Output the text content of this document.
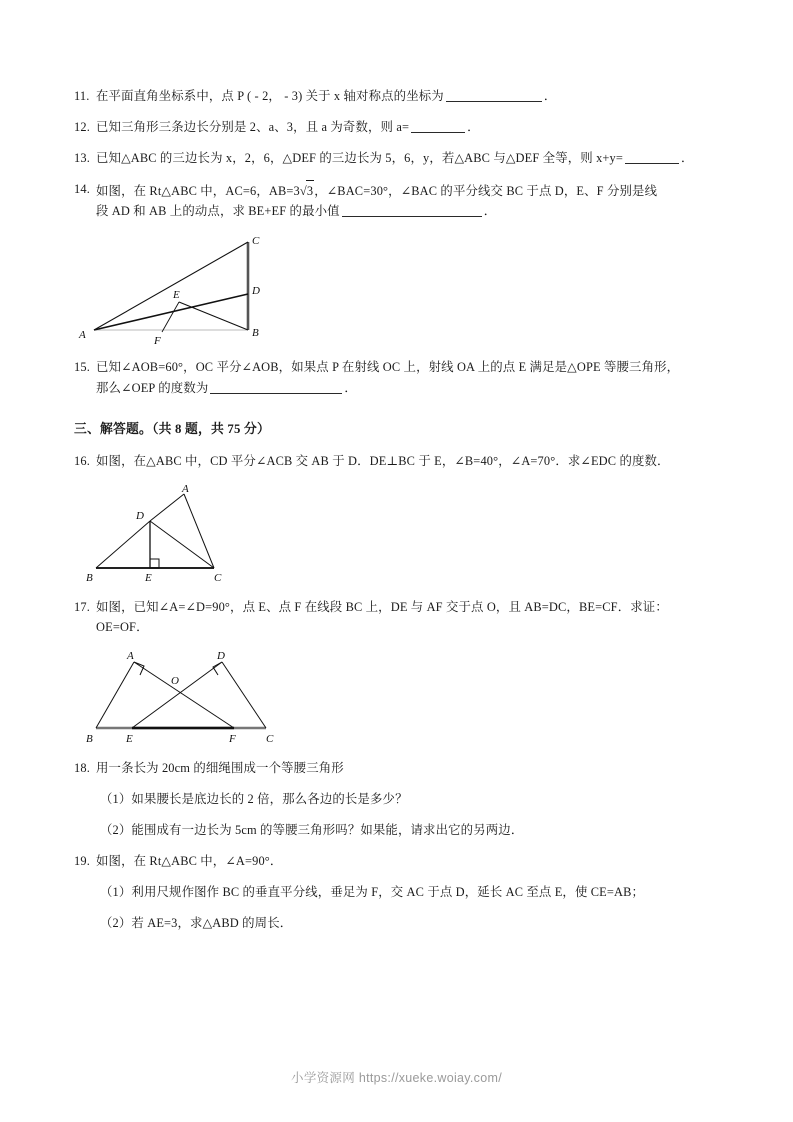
11. 在平面直角坐标系中，点 P ( - 2， - 3) 关于 x 轴对称点的坐标为	．
12. 已知三角形三条边长分别是 2、a、3，且 a 为奇数，则 a=	．
13. 已知△ABC 的三边长为 x，2，6，△DEF 的三边长为 5，6，y，若△ABC 与△DEF 全等，则 x+y=	．
14. 如图，在 Rt△ABC 中，AC=6，AB=3√3，∠BAC=30°，∠BAC 的平分线交 BC 于点 D，E、F 分别是线
段 AD 和 AB 上的动点，求 BE+EF 的最小值	．
A	B
C
D
E
F
15. 已知∠AOB=60°，OC 平分∠AOB，如果点 P 在射线 OC 上，射线 OA 上的点 E 满足是△OPE 等腰三角形，
那么∠OEP 的度数为	．
三、解答题。（共 8 题，共 75 分）
16. 如图，在△ABC 中，CD 平分∠ACB 交 AB 于 D．DE⊥BC 于 E，∠B=40°，∠A=70°．求∠EDC 的度数．
A
B	C
D
E
17. 如图，已知∠A=∠D=90°，点 E、点 F 在线段 BC 上，DE 与 AF 交于点 O，且 AB=DC，BE=CF．求证：
OE=OF．
A
B	C
D
E	F
O
18. 用一条长为 20cm 的细绳围成一个等腰三角形
（1）如果腰长是底边长的 2 倍，那么各边的长是多少？
（2）能围成有一边长为 5cm 的等腰三角形吗？如果能，请求出它的另两边．
19. 如图，在 Rt△ABC 中，∠A=90°．
（1）利用尺规作图作 BC 的垂直平分线，垂足为 F，交 AC 于点 D，延长 AC 至点 E，使 CE=AB；
（2）若 AE=3，求△ABD 的周长．
小学资源网 https://xueke.woiay.com/
